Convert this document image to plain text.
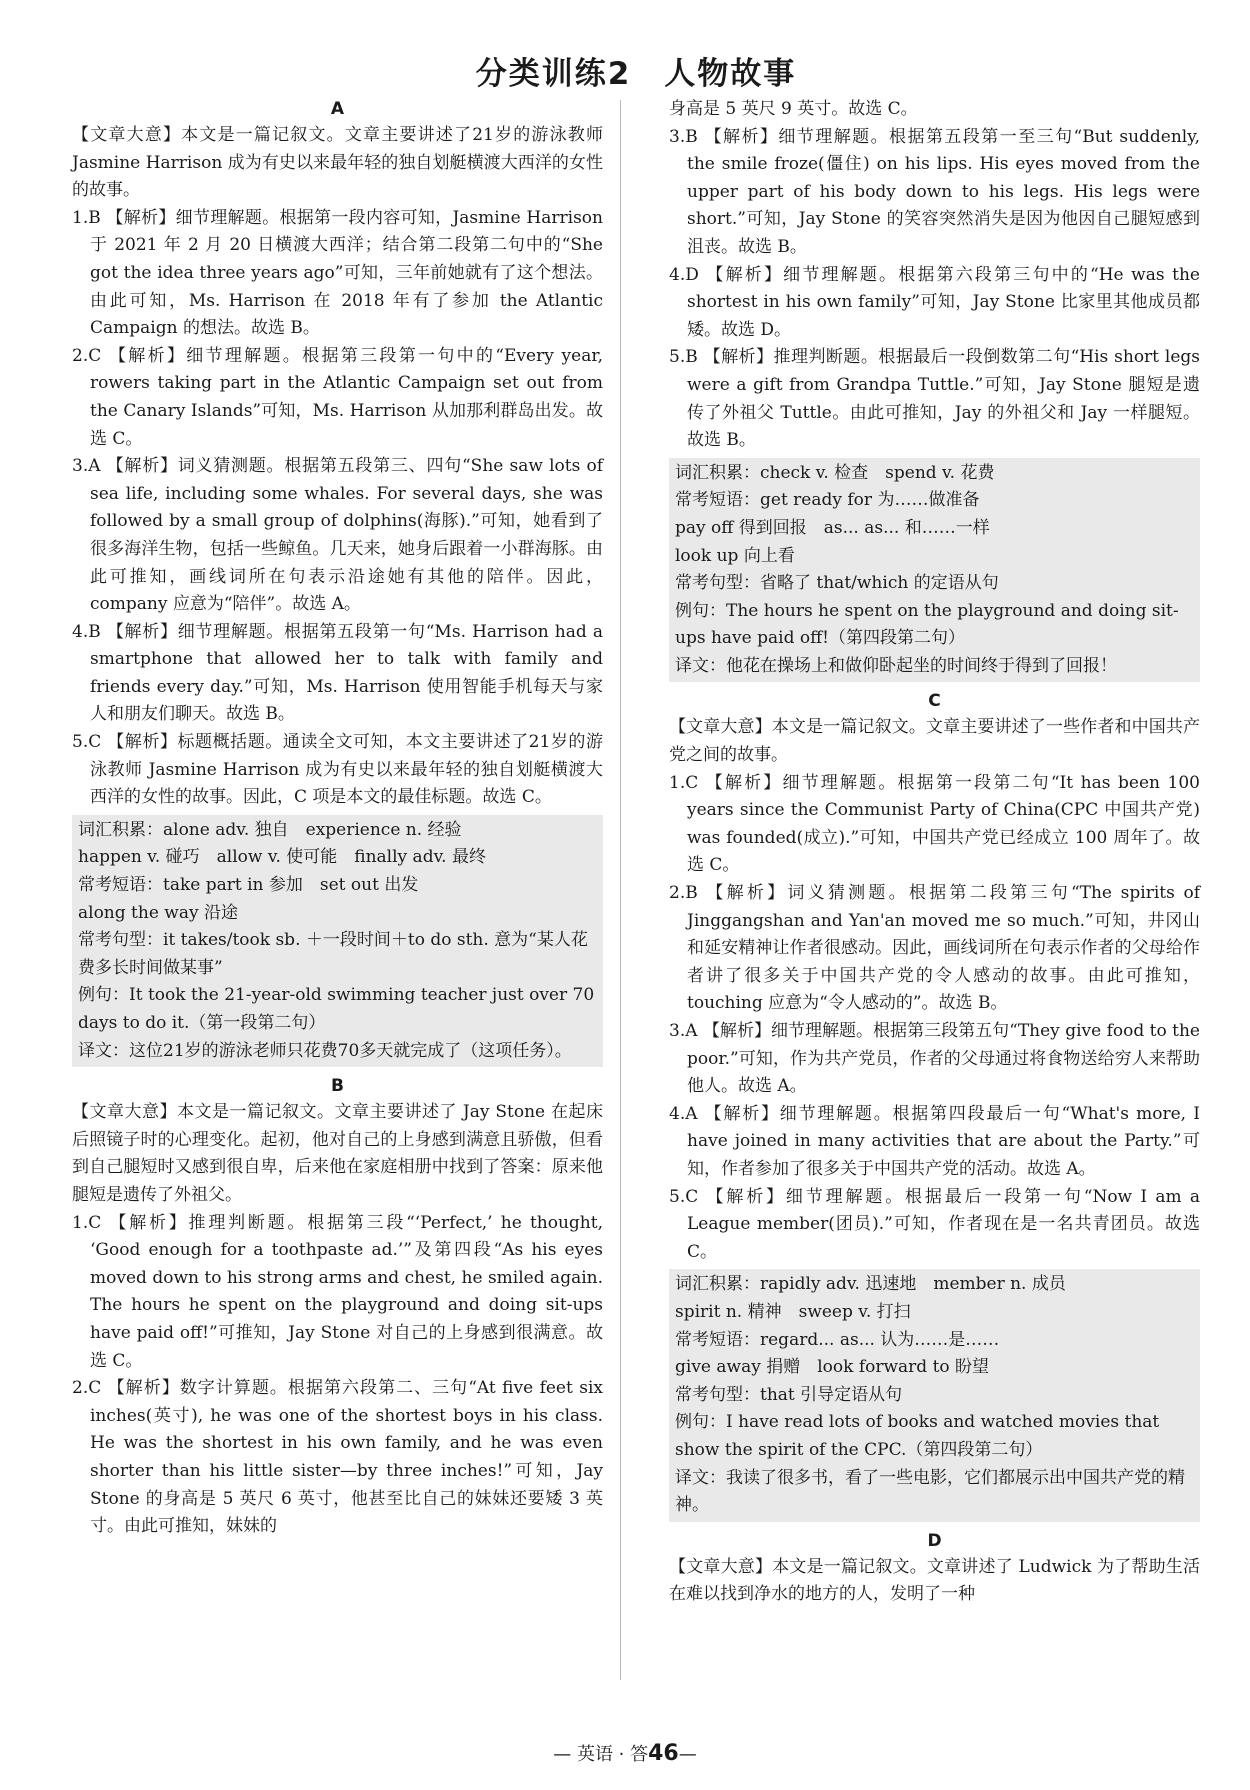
分类训练2　人物故事
A

【文章大意】本文是一篇记叙文。文章主要讲述了21岁的游泳教师 Jasmine Harrison 成为有史以来最年轻的独自划艇横渡大西洋的女性的故事。

1.B 【解析】细节理解题。根据第一段内容可知，Jasmine Harrison 于 2021 年 2 月 20 日横渡大西洋；结合第二段第二句中的“She got the idea three years ago”可知，三年前她就有了这个想法。由此可知，Ms. Harrison 在 2018 年有了参加 the Atlantic Campaign 的想法。故选 B。

2.C 【解析】细节理解题。根据第三段第一句中的“Every year, rowers taking part in the Atlantic Campaign set out from the Canary Islands”可知，Ms. Harrison 从加那利群岛出发。故选 C。

3.A 【解析】词义猜测题。根据第五段第三、四句“She saw lots of sea life, including some whales. For several days, she was followed by a small group of dolphins(海豚).”可知，她看到了很多海洋生物，包括一些鲸鱼。几天来，她身后跟着一小群海豚。由此可推知，画线词所在句表示沿途她有其他的陪伴。因此，company 应意为“陪伴”。故选 A。

4.B 【解析】细节理解题。根据第五段第一句“Ms. Harrison had a smartphone that allowed her to talk with family and friends every day.”可知，Ms. Harrison 使用智能手机每天与家人和朋友们聊天。故选 B。

5.C 【解析】标题概括题。通读全文可知，本文主要讲述了21岁的游泳教师 Jasmine Harrison 成为有史以来最年轻的独自划艇横渡大西洋的女性的故事。因此，C 项是本文的最佳标题。故选 C。

词汇积累：alone adv. 独自　experience n. 经验

happen v. 碰巧　allow v. 使可能　finally adv. 最终

常考短语：take part in 参加　set out 出发

along the way 沿途

常考句型：it takes/took sb. ＋一段时间＋to do sth. 意为“某人花费多长时间做某事”

例句：It took the 21-year-old swimming teacher just over 70 days to do it.（第一段第二句）

译文：这位21岁的游泳老师只花费70多天就完成了（这项任务）。

B

【文章大意】本文是一篇记叙文。文章主要讲述了 Jay Stone 在起床后照镜子时的心理变化。起初，他对自己的上身感到满意且骄傲，但看到自己腿短时又感到很自卑，后来他在家庭相册中找到了答案：原来他腿短是遗传了外祖父。

1.C 【解析】推理判断题。根据第三段“‘Perfect,’ he thought, ‘Good enough for a toothpaste ad.’”及第四段“As his eyes moved down to his strong arms and chest, he smiled again. The hours he spent on the playground and doing sit-ups have paid off!”可推知，Jay Stone 对自己的上身感到很满意。故选 C。

2.C 【解析】数字计算题。根据第六段第二、三句“At five feet six inches(英寸), he was one of the shortest boys in his class. He was the shortest in his own family, and he was even shorter than his little sister—by three inches!”可知，Jay Stone 的身高是 5 英尺 6 英寸，他甚至比自己的妹妹还要矮 3 英寸。由此可推知，妹妹的

身高是 5 英尺 9 英寸。故选 C。

3.B 【解析】细节理解题。根据第五段第一至三句“But suddenly, the smile froze(僵住) on his lips. His eyes moved from the upper part of his body down to his legs. His legs were short.”可知，Jay Stone 的笑容突然消失是因为他因自己腿短感到沮丧。故选 B。

4.D 【解析】细节理解题。根据第六段第三句中的“He was the shortest in his own family”可知，Jay Stone 比家里其他成员都矮。故选 D。

5.B 【解析】推理判断题。根据最后一段倒数第二句“His short legs were a gift from Grandpa Tuttle.”可知，Jay Stone 腿短是遗传了外祖父 Tuttle。由此可推知，Jay 的外祖父和 Jay 一样腿短。故选 B。

词汇积累：check v. 检查　spend v. 花费

常考短语：get ready for 为……做准备

pay off 得到回报　as... as... 和……一样

look up 向上看

常考句型：省略了 that/which 的定语从句

例句：The hours he spent on the playground and doing sit-ups have paid off!（第四段第二句）

译文：他花在操场上和做仰卧起坐的时间终于得到了回报！

C

【文章大意】本文是一篇记叙文。文章主要讲述了一些作者和中国共产党之间的故事。

1.C 【解析】细节理解题。根据第一段第二句“It has been 100 years since the Communist Party of China(CPC 中国共产党) was founded(成立).”可知，中国共产党已经成立 100 周年了。故选 C。

2.B 【解析】词义猜测题。根据第二段第三句“The spirits of Jinggangshan and Yan'an moved me so much.”可知，井冈山和延安精神让作者很感动。因此，画线词所在句表示作者的父母给作者讲了很多关于中国共产党的令人感动的故事。由此可推知，touching 应意为“令人感动的”。故选 B。

3.A 【解析】细节理解题。根据第三段第五句“They give food to the poor.”可知，作为共产党员，作者的父母通过将食物送给穷人来帮助他人。故选 A。

4.A 【解析】细节理解题。根据第四段最后一句“What's more, I have joined in many activities that are about the Party.”可知，作者参加了很多关于中国共产党的活动。故选 A。

5.C 【解析】细节理解题。根据最后一段第一句“Now I am a League member(团员).”可知，作者现在是一名共青团员。故选 C。

词汇积累：rapidly adv. 迅速地　member n. 成员

spirit n. 精神　sweep v. 打扫

常考短语：regard... as... 认为……是……

give away 捐赠　look forward to 盼望

常考句型：that 引导定语从句

例句：I have read lots of books and watched movies that show the spirit of the CPC.（第四段第二句）

译文：我读了很多书，看了一些电影，它们都展示出中国共产党的精神。

D

【文章大意】本文是一篇记叙文。文章讲述了 Ludwick 为了帮助生活在难以找到净水的地方的人，发明了一种

— 英语 · 答46—
